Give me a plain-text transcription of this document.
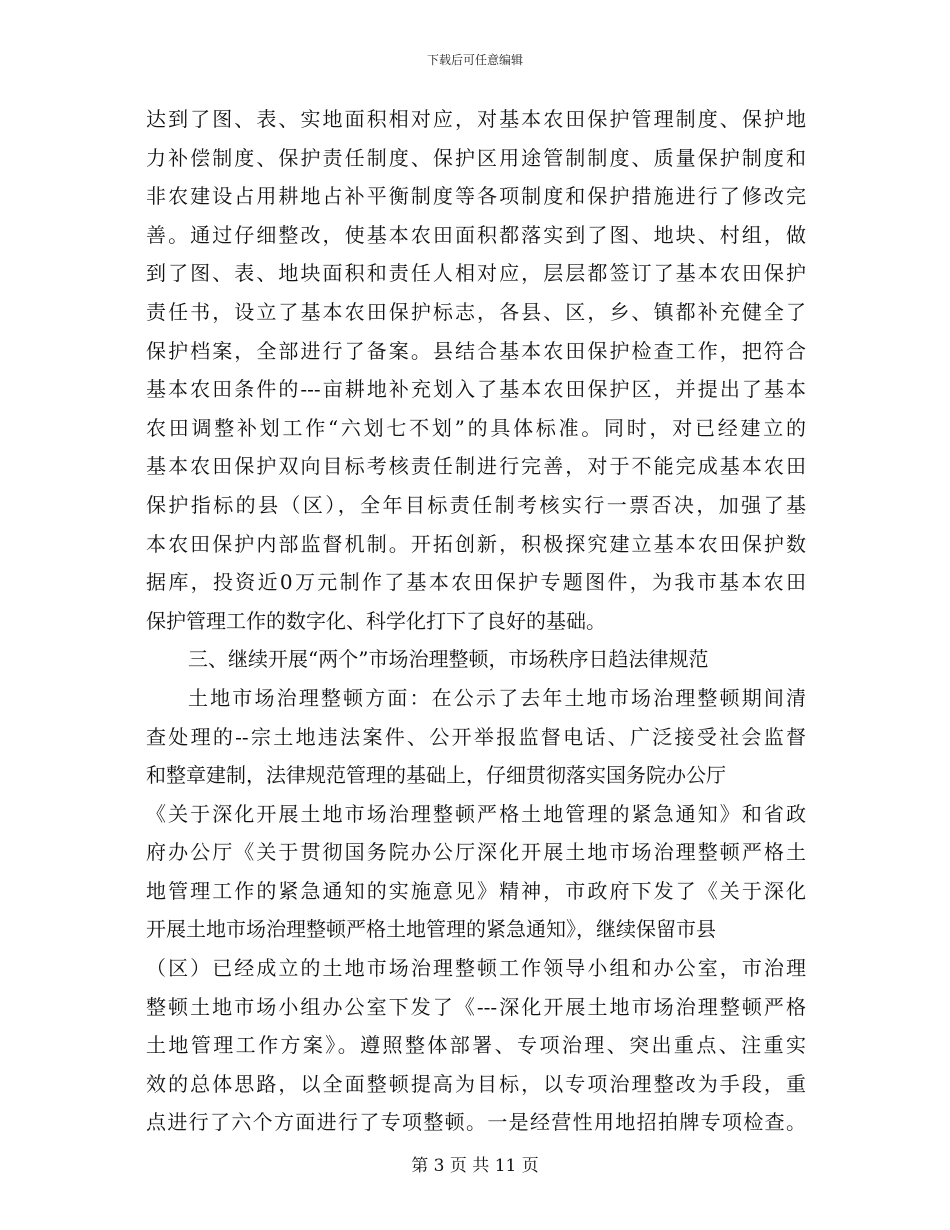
下载后可任意编辑
达到了图、表、实地面积相对应，对基本农田保护管理制度、保护地
力补偿制度、保护责任制度、保护区用途管制制度、质量保护制度和
非农建设占用耕地占补平衡制度等各项制度和保护措施进行了修改完
善。通过仔细整改，使基本农田面积都落实到了图、地块、村组，做
到了图、表、地块面积和责任人相对应，层层都签订了基本农田保护
责任书，设立了基本农田保护标志，各县、区，乡、镇都补充健全了
保护档案，全部进行了备案。县结合基本农田保护检查工作，把符合
基本农田条件的---亩耕地补充划入了基本农田保护区，并提出了基本
农田调整补划工作“六划七不划”的具体标准。同时，对已经建立的
基本农田保护双向目标考核责任制进行完善，对于不能完成基本农田
保护指标的县（区），全年目标责任制考核实行一票否决，加强了基
本农田保护内部监督机制。开拓创新，积极探究建立基本农田保护数
据库，投资近0万元制作了基本农田保护专题图件，为我市基本农田
保护管理工作的数字化、科学化打下了良好的基础。
三、继续开展“两个”市场治理整顿，市场秩序日趋法律规范
土地市场治理整顿方面：在公示了去年土地市场治理整顿期间清
查处理的--宗土地违法案件、公开举报监督电话、广泛接受社会监督
和整章建制，法律规范管理的基础上，仔细贯彻落实国务院办公厅
《关于深化开展土地市场治理整顿严格土地管理的紧急通知》和省政
府办公厅《关于贯彻国务院办公厅深化开展土地市场治理整顿严格土
地管理工作的紧急通知的实施意见》精神，市政府下发了《关于深化
开展土地市场治理整顿严格土地管理的紧急通知》，继续保留市县
（区）已经成立的土地市场治理整顿工作领导小组和办公室，市治理
整顿土地市场小组办公室下发了《---深化开展土地市场治理整顿严格
土地管理工作方案》。遵照整体部署、专项治理、突出重点、注重实
效的总体思路，以全面整顿提高为目标，以专项治理整改为手段，重
点进行了六个方面进行了专项整顿。一是经营性用地招拍牌专项检查。
第 3 页 共 11 页
